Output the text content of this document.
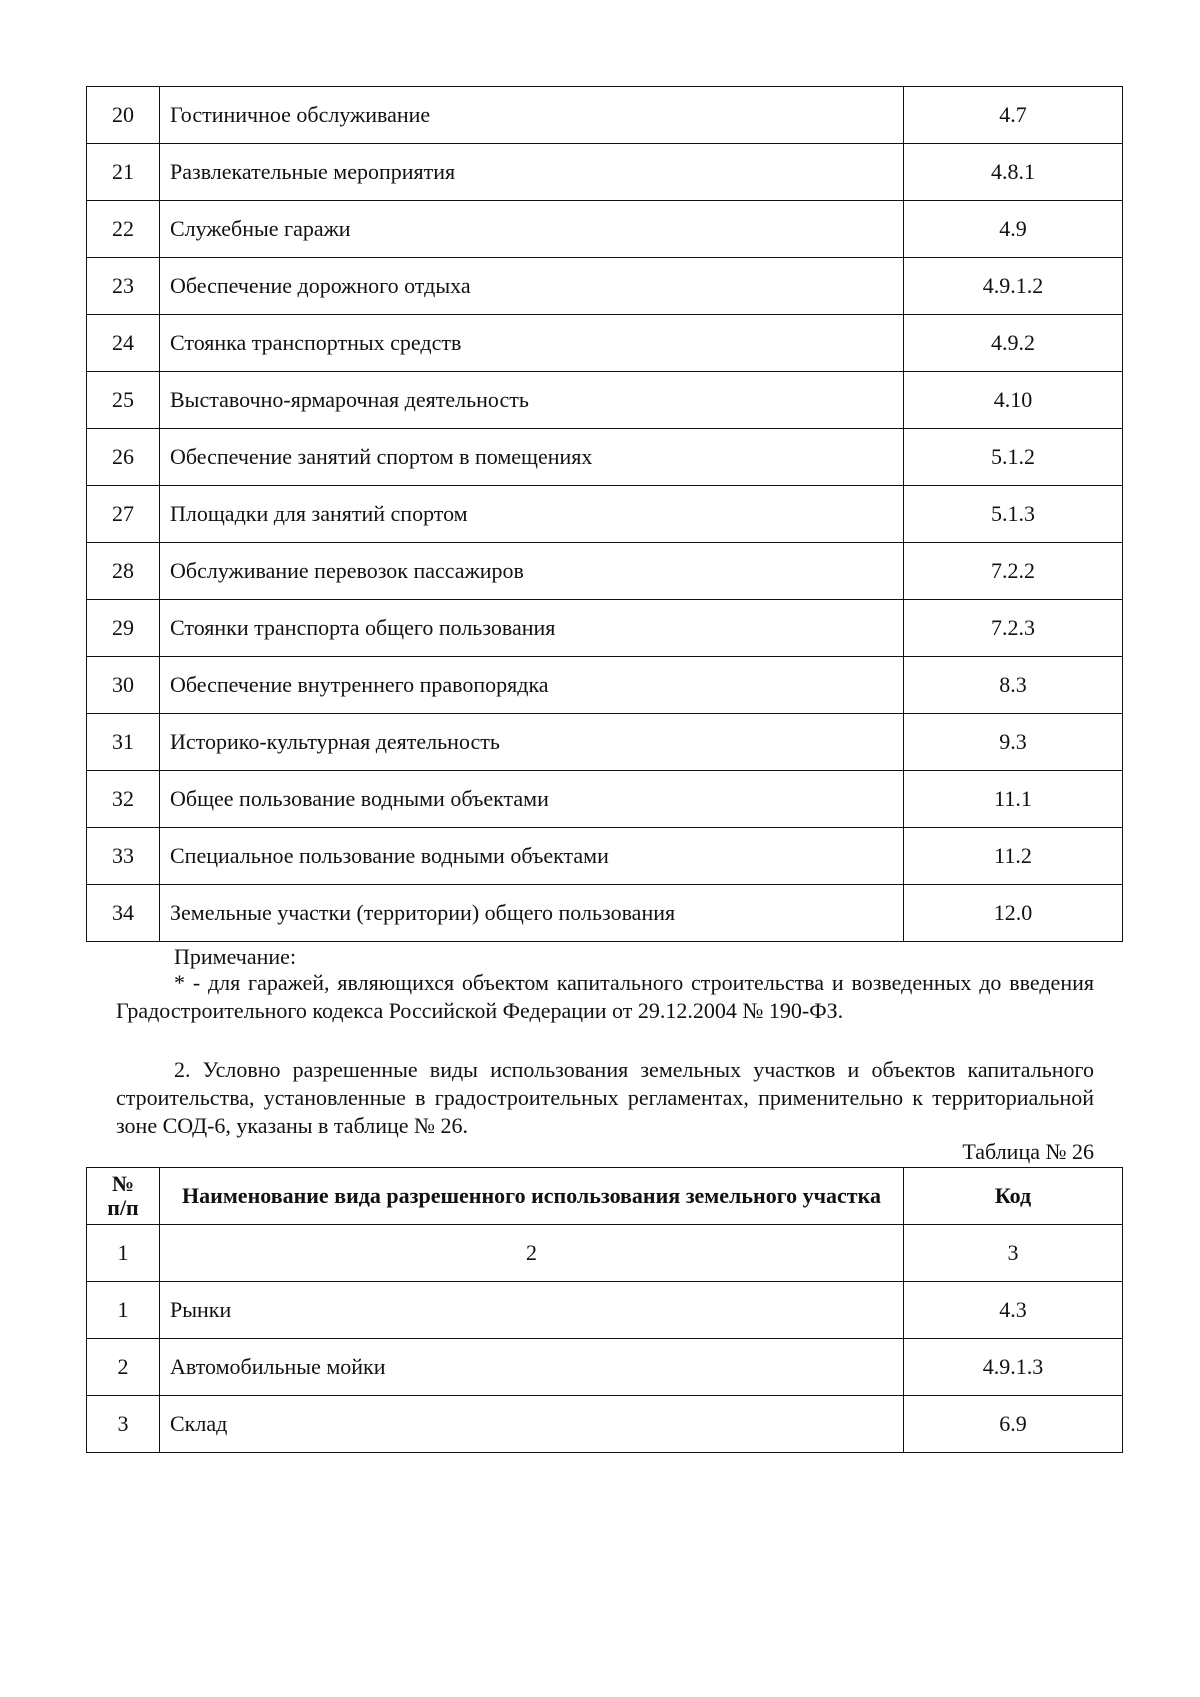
20	Гостиничное обслуживание	4.7
21	Развлекательные мероприятия	4.8.1
22	Служебные гаражи	4.9
23	Обеспечение дорожного отдыха	4.9.1.2
24	Стоянка транспортных средств	4.9.2
25	Выставочно-ярмарочная деятельность	4.10
26	Обеспечение занятий спортом в помещениях	5.1.2
27	Площадки для занятий спортом	5.1.3
28	Обслуживание перевозок пассажиров	7.2.2
29	Стоянки транспорта общего пользования	7.2.3
30	Обеспечение внутреннего правопорядка	8.3
31	Историко-культурная деятельность	9.3
32	Общее пользование водными объектами	11.1
33	Специальное пользование водными объектами	11.2
34	Земельные участки (территории) общего пользования	12.0
Примечание:
* - для гаражей, являющихся объектом капитального строительства и возведенных до введения Градостроительного кодекса Российской Федерации от 29.12.2004 № 190-ФЗ.
2. Условно разрешенные виды использования земельных участков и объектов капитального строительства, установленные в градостроительных регламентах, применительно к территориальной зоне СОД-6, указаны в таблице № 26.
Таблица № 26
№
п/п	Наименование вида разрешенного использования земельного участка	Код
1	2	3
1	Рынки	4.3
2	Автомобильные мойки	4.9.1.3
3	Склад	6.9
